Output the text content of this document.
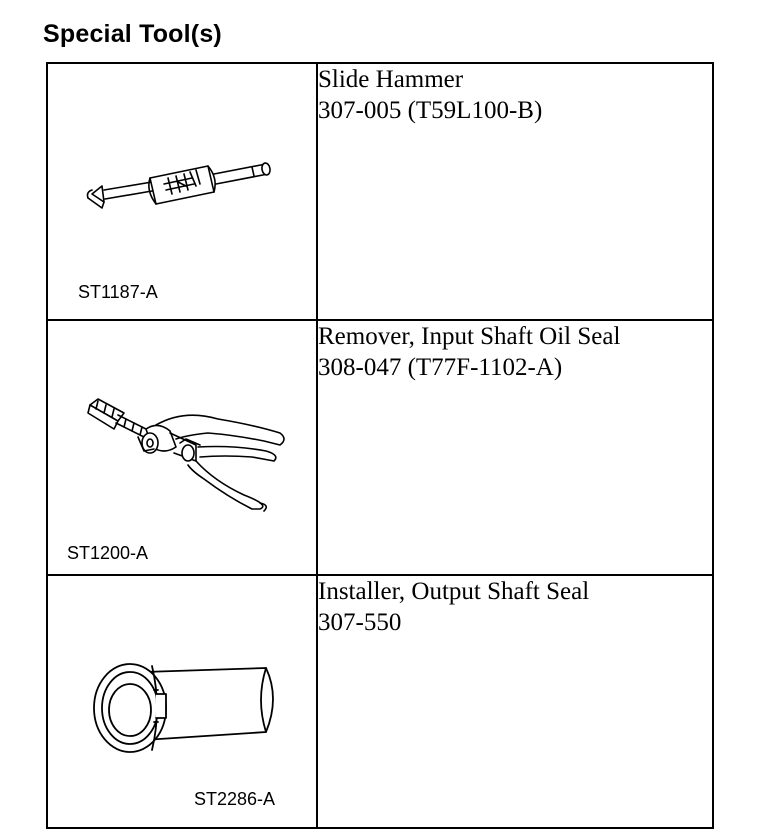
Special Tool(s)
ST1187-A	Slide Hammer
307-005 (T59L100-B)

ST1200-A	Remover, Input Shaft Oil Seal
308-047 (T77F-1102-A)

ST2286-A	Installer, Output Shaft Seal
307-550
